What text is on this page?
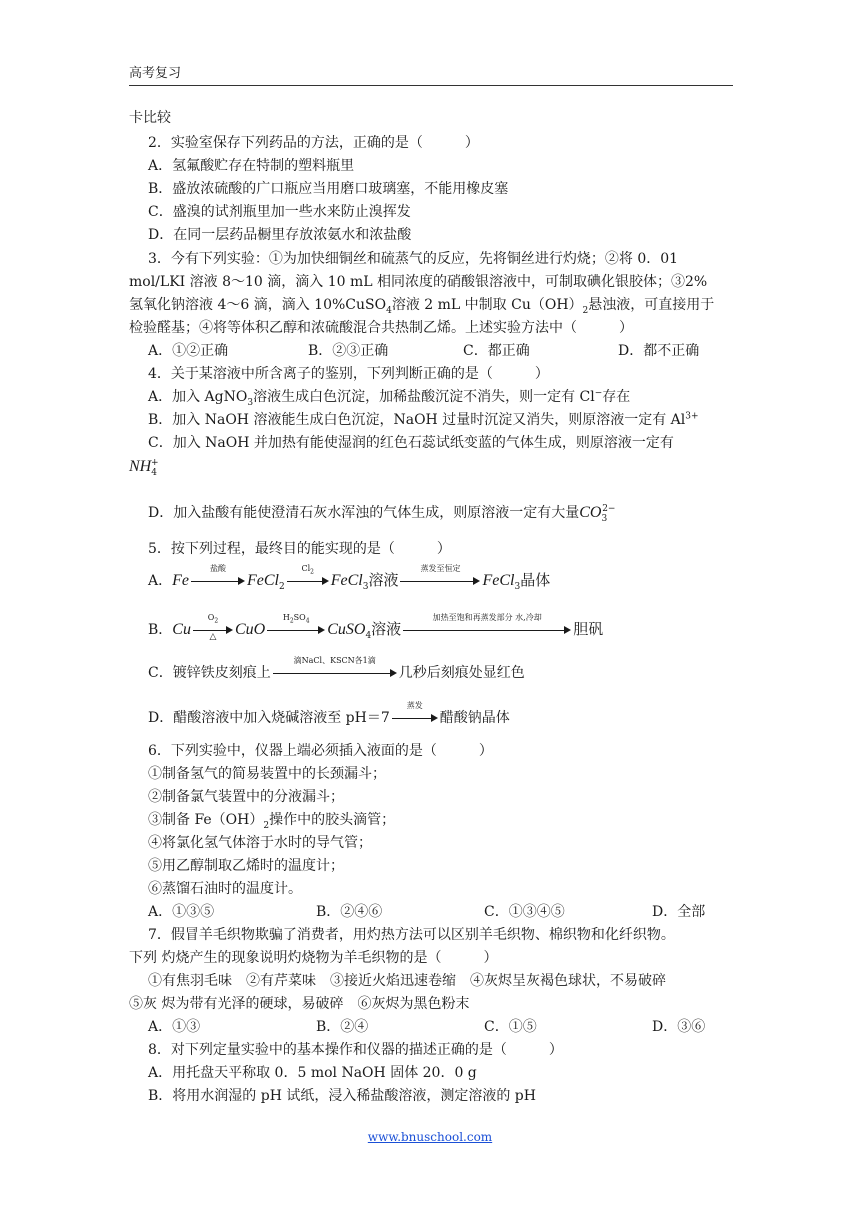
高考复习
卡比较
2．实验室保存下列药品的方法，正确的是（　　　）
A．氢氟酸贮存在特制的塑料瓶里
B．盛放浓硫酸的广口瓶应当用磨口玻璃塞，不能用橡皮塞
C．盛溴的试剂瓶里加一些水来防止溴挥发
D．在同一层药品橱里存放浓氨水和浓盐酸
3．今有下列实验：①为加快细铜丝和硫蒸气的反应，先将铜丝进行灼烧；②将 0．01
mol/LKI 溶液 8～10 滴，滴入 10 mL 相同浓度的硝酸银溶液中，可制取碘化银胶体；③2%
氢氧化钠溶液 4～6 滴，滴入 10%CuSO$_4$溶液 2 mL 中制取 $Cu(OH)_2$悬浊液，可直接用于
检验醛基；④将等体积乙醇和浓硫酸混合共热制乙烯。上述实验方法中（　　　）
A．①②正确	B．②③正确	C．都正确	D．都不正确
4．关于某溶液中所含离子的鉴别，下列判断正确的是（　　　）
A．加入 AgNO$_3$溶液生成白色沉淀，加稀盐酸沉淀不消失，则一定有 Cl−存在
B．加入 NaOH 溶液能生成白色沉淀，NaOH 过量时沉淀又消失，则原溶液一定有 $Al^{3+}$
C．加入 NaOH 并加热有能使湿润的红色石蕊试纸变蓝的气体生成，则原溶液一定有
$NH_4^+$
D．加入盐酸有能使澄清石灰水浑浊的气体生成，则原溶液一定有大量$CO_3^{2-}$
5．按下列过程，最终目的能实现的是（　　　）
A．Fe
盐酸
FeCl$_2$
$Cl_2$	FeCl$_3$溶液
蒸发至恒定
FeCl$_3$晶体
B．Cu
$O_2$
△	CuO
$H_2SO_4$	CuSO$_4$溶液
加热至饱和再蒸发部分 水,冷却
胆矾
C．镀锌铁皮刻痕上
滴NaCl、KSCN各1滴
几秒后刻痕处显红色
D．醋酸溶液中加入烧碱溶液至 pH＝7
蒸发
醋酸钠晶体
6．下列实验中，仪器上端必须插入液面的是（　　　）
①制备氢气的简易装置中的长颈漏斗；
②制备氯气装置中的分液漏斗；
③制备 $Fe(OH)_2$操作中的胶头滴管；
④将氯化氢气体溶于水时的导气管；
⑤用乙醇制取乙烯时的温度计；
⑥蒸馏石油时的温度计。
A．①③⑤	B．②④⑥	C．①③④⑤	D．全部
7．假冒羊毛织物欺骗了消费者，用灼热方法可以区别羊毛织物、棉织物和化纤织物。
下列 灼烧产生的现象说明灼烧物为羊毛织物的是（　　　）
①有焦羽毛味　②有芹菜味　③接近火焰迅速卷缩　④灰烬呈灰褐色球状，不易破碎
⑤灰 烬为带有光泽的硬球，易破碎　⑥灰烬为黑色粉末
A．①③	B．②④	C．①⑤	D．③⑥
8．对下列定量实验中的基本操作和仪器的描述正确的是（　　　）
A．用托盘天平称取 0．5 mol NaOH 固体 20．0 g
B．将用水润湿的 pH 试纸，浸入稀盐酸溶液，测定溶液的 pH
www.bnuschool.com
